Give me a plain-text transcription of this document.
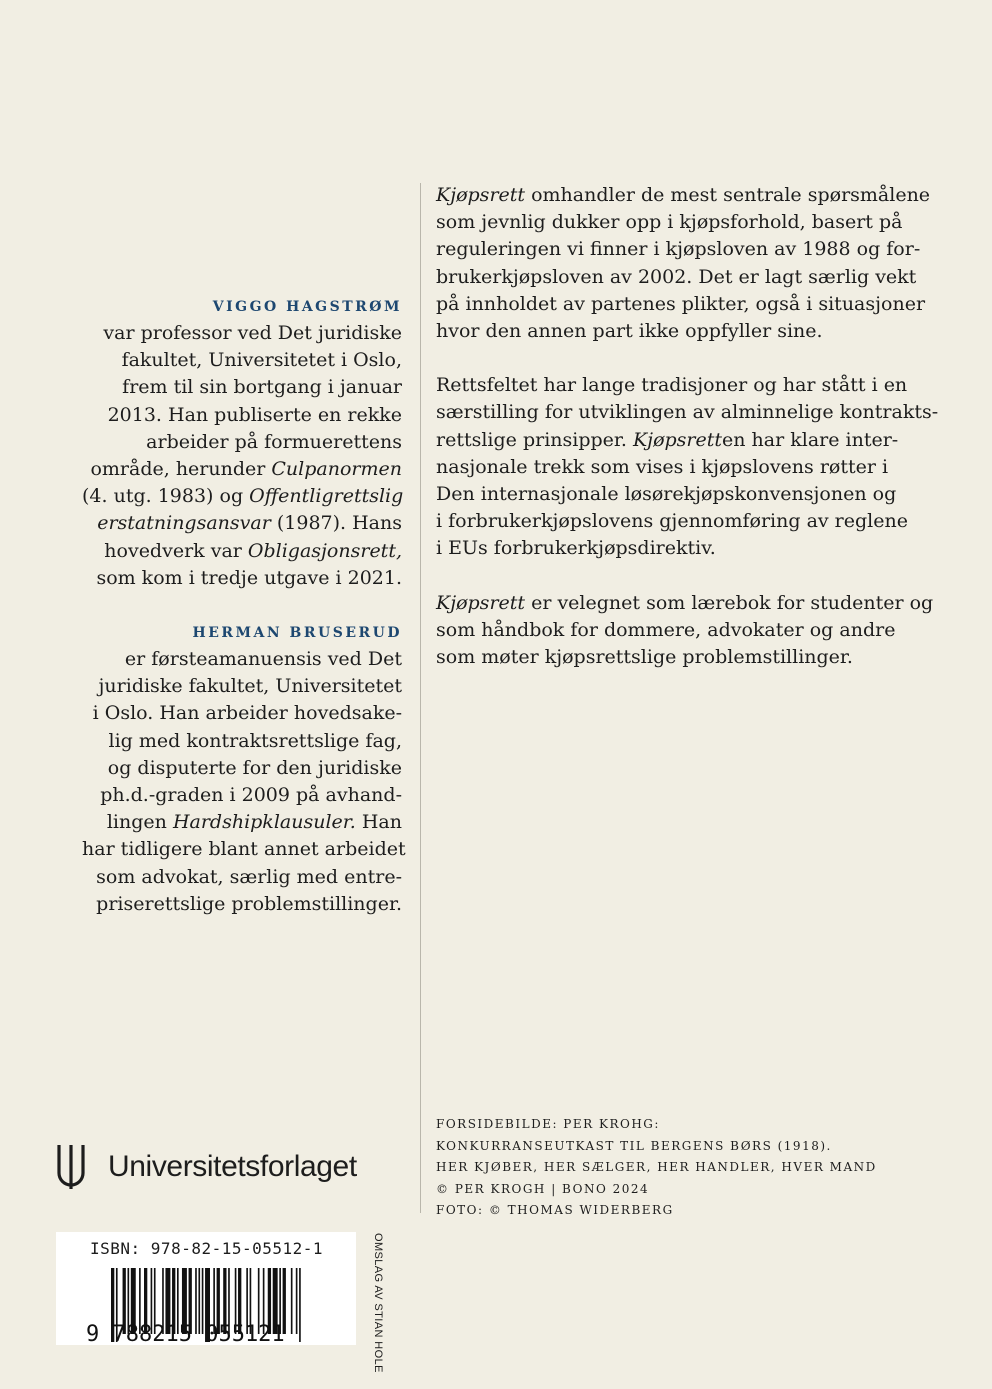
VIGGO HAGSTRØM
var professor ved Det juridiske
fakultet, Universitetet i Oslo,
frem til sin bortgang i januar
2013. Han publiserte en rekke
arbeider på formuerettens
område, herunder Culpanormen
(4. utg. 1983) og Offentligrettslig
erstatningsansvar (1987). Hans
hovedverk var Obligasjonsrett,
som kom i tredje utgave i 2021.
HERMAN BRUSERUD
er førsteamanuensis ved Det
juridiske fakultet, Universitetet
i Oslo. Han arbeider hovedsake-
lig med kontraktsrettslige fag,
og disputerte for den juridiske
ph.d.-graden i 2009 på avhand-
lingen Hardshipklausuler. Han
har tidligere blant annet arbeidet
som advokat, særlig med entre-
priserettslige problemstillinger.
Kjøpsrett omhandler de mest sentrale spørsmålene
som jevnlig dukker opp i kjøpsforhold, basert på
reguleringen vi finner i kjøpsloven av 1988 og for-
brukerkjøpsloven av 2002. Det er lagt særlig vekt
på innholdet av partenes plikter, også i situasjoner
hvor den annen part ikke oppfyller sine.
Rettsfeltet har lange tradisjoner og har stått i en
særstilling for utviklingen av alminnelige kontrakts-
rettslige prinsipper. Kjøpsretten har klare inter-
nasjonale trekk som vises i kjøpslovens røtter i
Den internasjonale løsørekjøpskonvensjonen og
i forbrukerkjøpslovens gjennomføring av reglene
i EUs forbrukerkjøpsdirektiv.
Kjøpsrett er velegnet som lærebok for studenter og
som håndbok for dommere, advokater og andre
som møter kjøpsrettslige problemstillinger.
FORSIDEBILDE: PER KROHG:
KONKURRANSEUTKAST TIL BERGENS BØRS (1918).
HER KJØBER, HER SÆLGER, HER HANDLER, HVER MAND
© PER KROGH | BONO 2024
FOTO: © THOMAS WIDERBERG
Universitetsforlaget
ISBN: 978-82-15-05512-1
9 788215 055121	OMSLAG AV STIAN HOLE
